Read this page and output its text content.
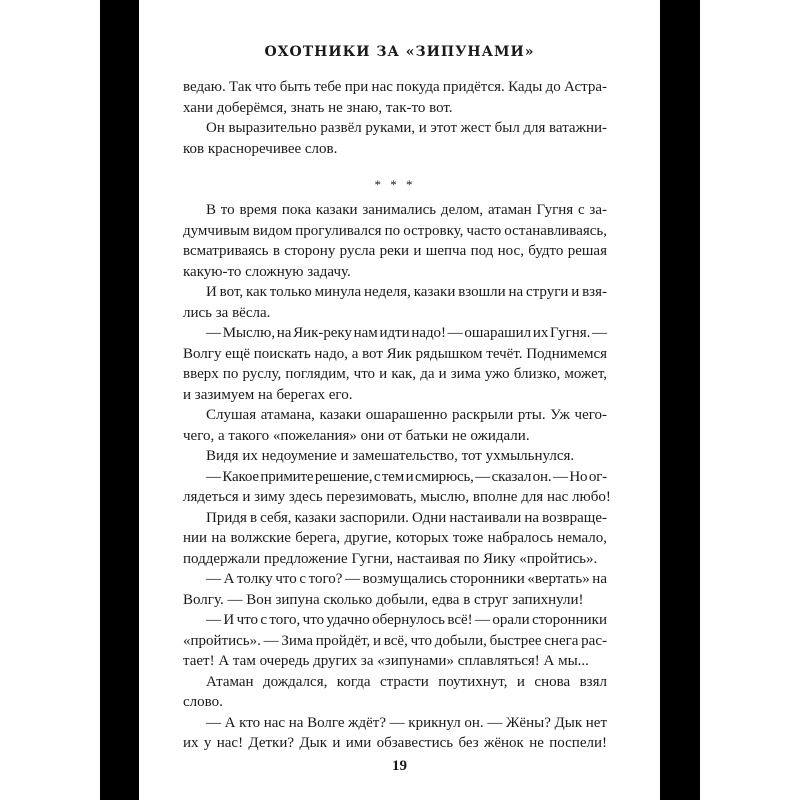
ОХОТНИКИ ЗА «ЗИПУНАМИ»
ведаю. Так что быть тебе при нас покуда придётся. Кады до Астра-
хани доберёмся, знать не знаю, так-то вот.
Он выразительно развёл руками, и этот жест был для ватажни-
ков красноречивее слов.
* * *
В то время пока казаки занимались делом, атаман Гугня с за-
думчивым видом прогуливался по островку, часто останавливаясь,
всматриваясь в сторону русла реки и шепча под нос, будто решая
какую-то сложную задачу.
И вот, как только минула неделя, казаки взошли на струги и взя-
лись за вёсла.
— Мыслю, на Яик-реку нам идти надо! — ошарашил их Гугня. —
Волгу ещё поискать надо, а вот Яик рядышком течёт. Поднимемся
вверх по руслу, поглядим, что и как, да и зима ужо близко, может,
и зазимуем на берегах его.
Слушая атамана, казаки ошарашенно раскрыли рты. Уж чего-
чего, а такого «пожелания» они от батьки не ожидали.
Видя их недоумение и замешательство, тот ухмыльнулся.
— Какое примите решение, с тем и смирюсь, — сказал он. — Но ог-
лядеться и зиму здесь перезимовать, мыслю, вполне для нас любо!
Придя в себя, казаки заспорили. Одни настаивали на возвраще-
нии на волжские берега, другие, которых тоже набралось немало,
поддержали предложение Гугни, настаивая по Яику «пройтись».
— А толку что с того? — возмущались сторонники «вертать» на
Волгу. — Вон зипуна сколько добыли, едва в струг запихнули!
— И что с того, что удачно обернулось всё! — орали сторонники
«пройтись». — Зима пройдёт, и всё, что добыли, быстрее снега рас-
тает! А там очередь других за «зипунами» сплавляться! А мы...
Атаман дождался, когда страсти поутихнут, и снова взял
слово.
— А кто нас на Волге ждёт? — крикнул он. — Жёны? Дык нет
их у нас! Детки? Дык и ими обзавестись без жёнок не поспели!
19
